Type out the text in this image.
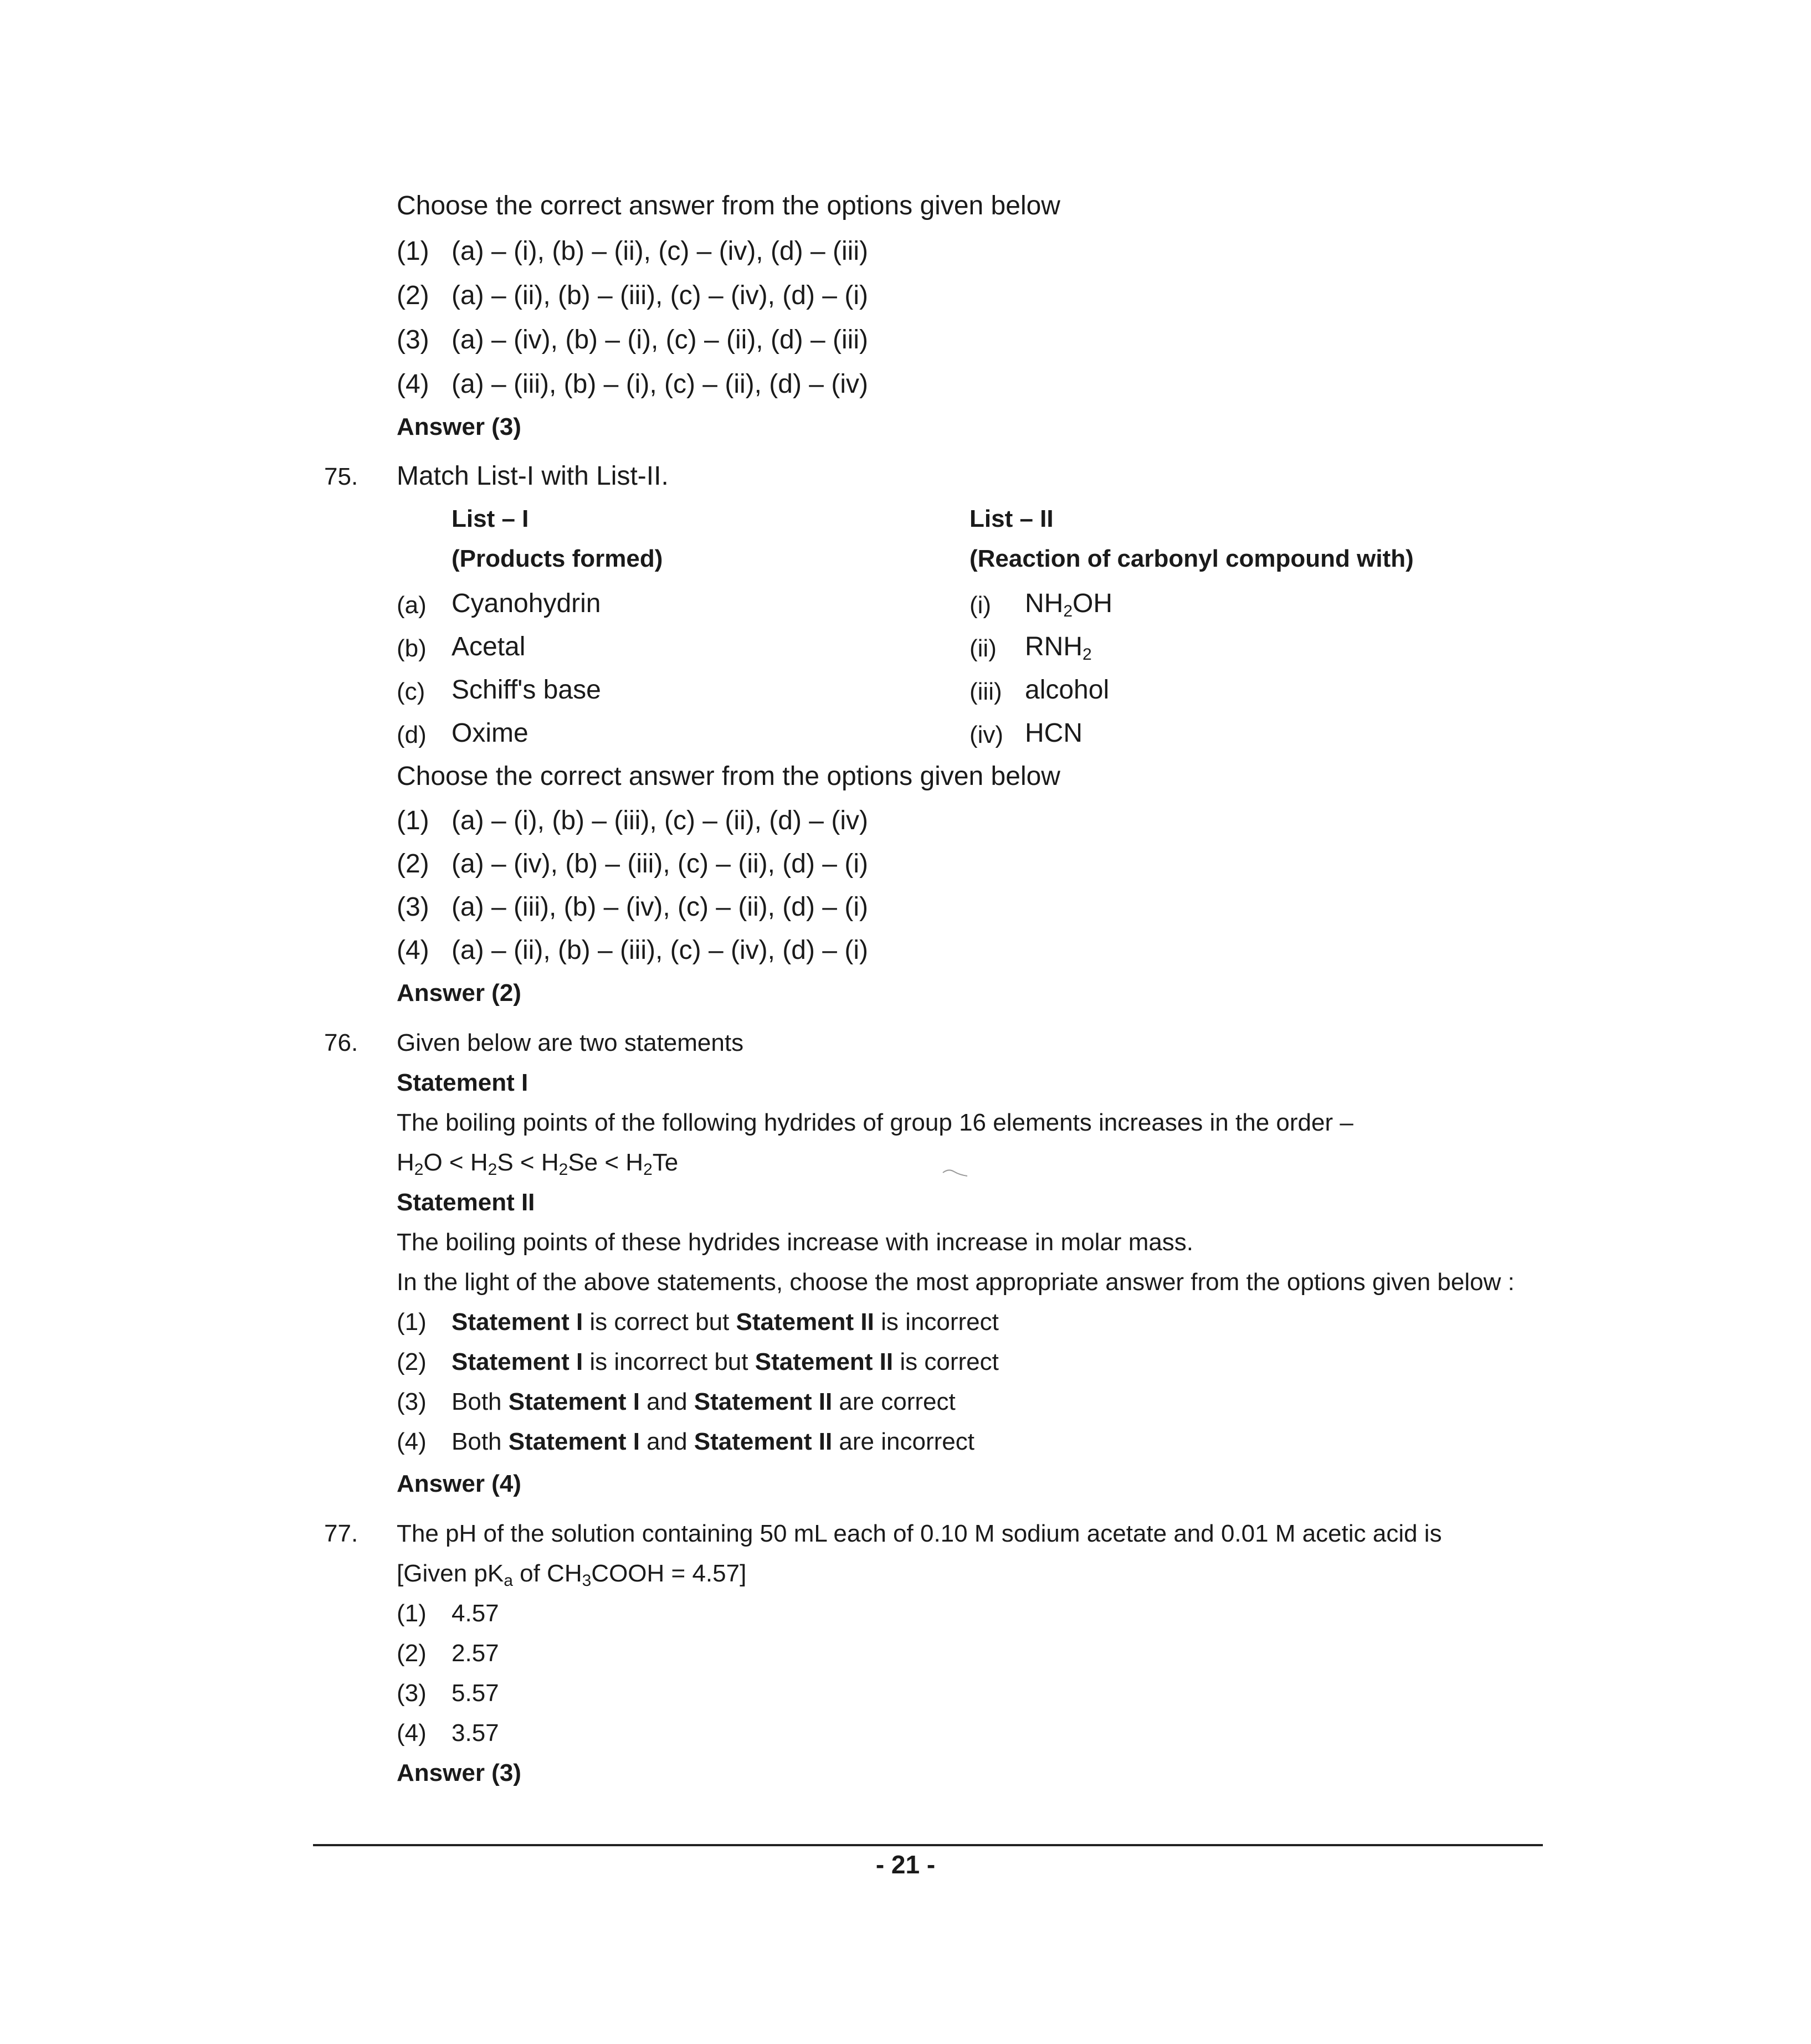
Choose the correct answer from the options given below
(1) (a) – (i), (b) – (ii), (c) – (iv), (d) – (iii)
(2) (a) – (ii), (b) – (iii), (c) – (iv), (d) – (i)
(3) (a) – (iv), (b) – (i), (c) – (ii), (d) – (iii)
(4) (a) – (iii), (b) – (i), (c) – (ii), (d) – (iv)
Answer (3)
75. Match List-I with List-II.
List – I	List – II
(Products formed)	(Reaction of carbonyl compound with)
(a) Cyanohydrin	(i) $NH_2OH$
(b) Acetal	(ii) $RNH_2$
(c) Schiff's base	(iii) alcohol
(d) Oxime	(iv) HCN
Choose the correct answer from the options given below
(1) (a) – (i), (b) – (iii), (c) – (ii), (d) – (iv)
(2) (a) – (iv), (b) – (iii), (c) – (ii), (d) – (i)
(3) (a) – (iii), (b) – (iv), (c) – (ii), (d) – (i)
(4) (a) – (ii), (b) – (iii), (c) – (iv), (d) – (i)
Answer (2)
76. Given below are two statements
Statement I
The boiling points of the following hydrides of group 16 elements increases in the order –
$H_2O < H_2S < H_2Se < H_2Te$
Statement II
The boiling points of these hydrides increase with increase in molar mass.
In the light of the above statements, choose the most appropriate answer from the options given below :
(1) Statement I is correct but Statement II is incorrect
(2) Statement I is incorrect but Statement II is correct
(3) Both Statement I and Statement II are correct
(4) Both Statement I and Statement II are incorrect
Answer (4)
77. The pH of the solution containing 50 mL each of 0.10 M sodium acetate and 0.01 M acetic acid is
[Given $pK_a$ of $CH_3COOH = 4.57$]
(1) 4.57
(2) 2.57
(3) 5.57
(4) 3.57
Answer (3)
- 21 -
